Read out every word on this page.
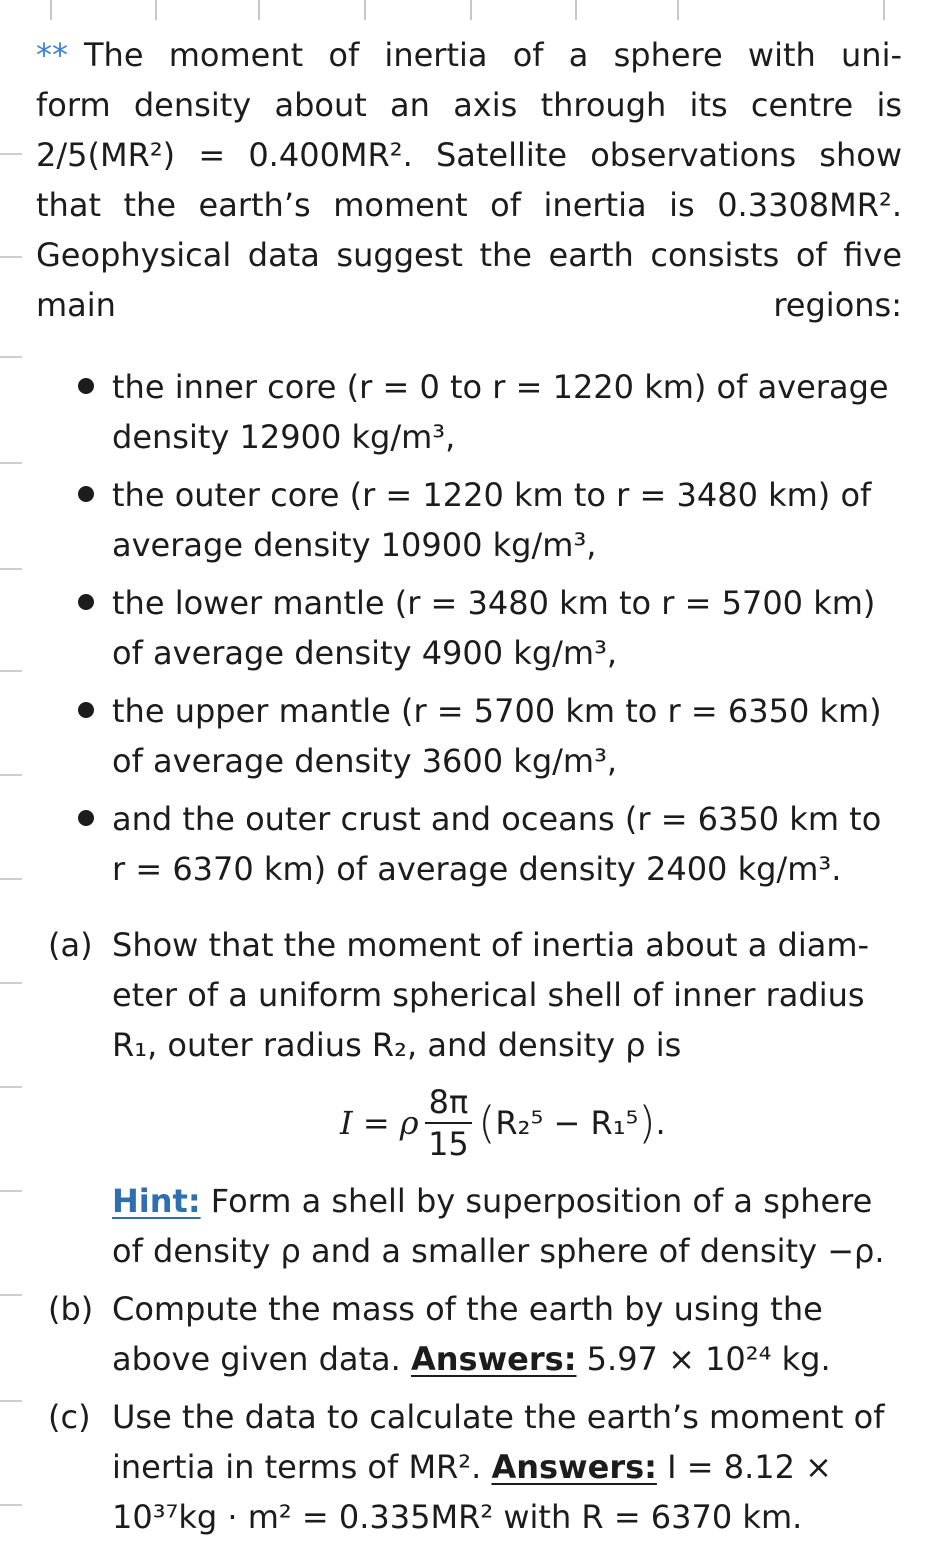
** The moment of inertia of a sphere with uni-
form density about an axis through its centre is
2/5(MR²) = 0.400MR². Satellite observations show
that the earth’s moment of inertia is 0.3308MR².
Geophysical data suggest the earth consists of five
main regions:
the inner core (r = 0 to r = 1220 km) of average
density 12900 kg/m³,
the outer core (r = 1220 km to r = 3480 km) of
average density 10900 kg/m³,
the lower mantle (r = 3480 km to r = 5700 km)
of average density 4900 kg/m³,
the upper mantle (r = 5700 km to r = 6350 km)
of average density 3600 kg/m³,
and the outer crust and oceans (r = 6350 km to
r = 6370 km) of average density 2400 kg/m³.
(a) Show that the moment of inertia about a diam-
eter of a uniform spherical shell of inner radius
R₁, outer radius R₂, and density ρ is
I = ρ $\frac{8\pi}{15} (R_2^5 - R_1^5)$.
Hint: Form a shell by superposition of a sphere
of density ρ and a smaller sphere of density −ρ.
(b) Compute the mass of the earth by using the
above given data. Answers: 5.97 × 10²⁴ kg.
(c) Use the data to calculate the earth’s moment of
inertia in terms of MR². Answers: I = 8.12 ×
10³⁷kg · m² = 0.335MR² with R = 6370 km.
